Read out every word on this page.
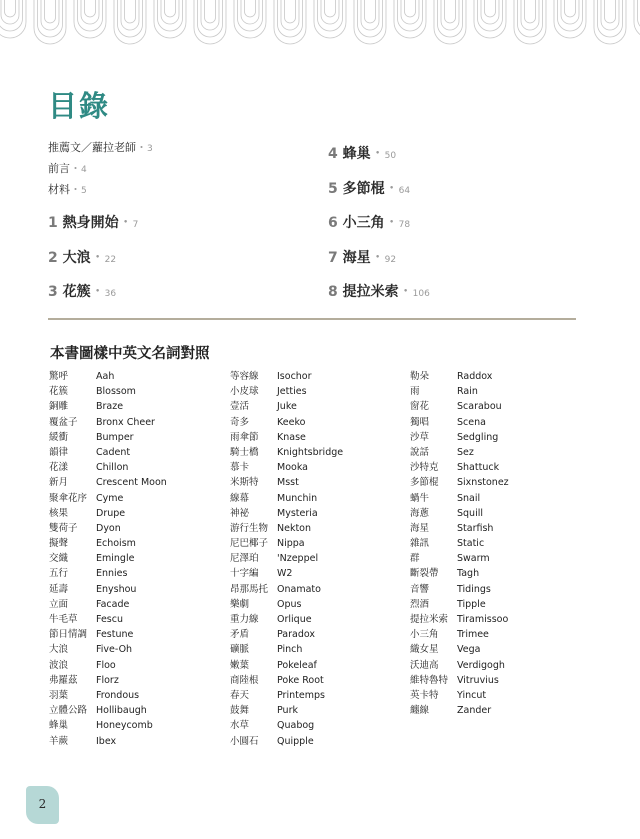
目錄
推薦文／蘿拉老師・3
前言・4
材料・5
1 熱身開始・7
2 大浪・22
3 花簇・36
4 蜂巢・50
5 多節棍・64
6 小三角・78
7 海星・92
8 提拉米索・106
本書圖樣中英文名詞對照
驚呼	Aah
花簇	Blossom
銅雕	Braze
覆盆子 Bronx Cheer
緩衝	Bumper
韻律	Cadent
花漾	Chillon
新月	Crescent Moon
聚傘花序 Cyme
核果	Drupe
雙荷子 Dyon
擬聲	Echoism
交織	Emingle
五行	Ennies
延壽	Enyshou
立面	Facade
牛毛草 Fescu
節日情調 Festune
大浪	Five-Oh
波浪	Floo
弗羅茲 Florz
羽葉	Frondous
立體公路 Hollibaugh
蜂巢	Honeycomb
羊蕨	Ibex
等容線 Isochor
小皮球 Jetties
壹活	Juke
奇多	Keeko
雨傘節 Knase
騎士橋 Knightsbridge
慕卡	Mooka
米斯特 Msst
線幕	Munchin
神祕	Mysteria
游行生物 Nekton
尼巴椰子 Nippa
尼澤珀 'Nzeppel
十字編 W2
昂那馬托 Onamato
樂劇	Opus
重力線 Orlique
矛盾	Paradox
礦脈	Pinch
嫩葉	Pokeleaf
商陸根 Poke Root
春天	Printemps
鼓舞	Purk
水草	Quabog
小圓石 Quipple
勒朵	Raddox
雨	Rain
窗花	Scarabou
獨唱	Scena
沙草	Sedgling
說話	Sez
沙特克 Shattuck
多節棍 Sixnstonez
蝸牛	Snail
海蔥	Squill
海星	Starfish
雜訊	Static
群	Swarm
斷裂帶 Tagh
音響	Tidings
烈酒	Tipple
提拉米索 Tiramissoo
小三角 Trimee
織女星 Vega
沃迪高 Verdigogh
維特魯特 Vitruvius
英卡特 Yincut
纏線	Zander
2
